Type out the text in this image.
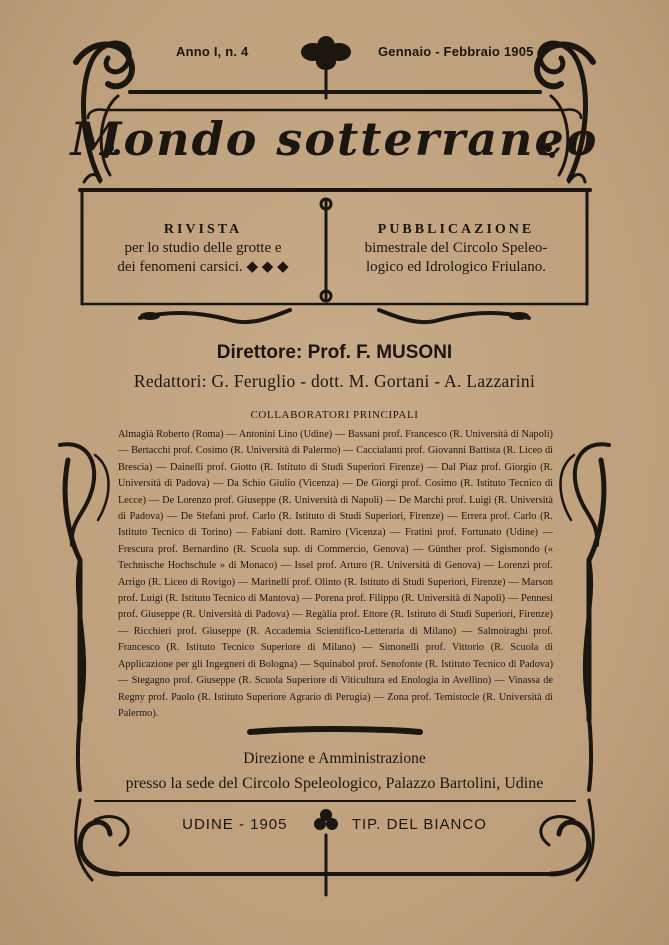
Anno I, n. 4	Gennaio - Febbraio 1905
Mondo sotterraneo
RIVISTA
per lo studio delle grotte e
dei fenomeni carsici. ◆ ◆ ◆
PUBBLICAZIONE
bimestrale del Circolo Speleo-
logico ed Idrologico Friulano.
Direttore: Prof. F. MUSONI
Redattori: G. Feruglio - dott. M. Gortani - A. Lazzarini
COLLABORATORI PRINCIPALI

Almagià Roberto (Roma) — Antonini Lino (Udine) — Bassani prof. Francesco (R. Università di Napoli) — Bertacchi prof. Cosimo (R. Università di Palermo) — Caccialanti prof. Giovanni Battista (R. Liceo di Brescia) — Dainelli prof. Giotto (R. Istituto di Studi Superiori Firenze) — Dal Piaz prof. Giorgio (R. Università di Padova) — Da Schio Giulio (Vicenza) — De Giorgi prof. Cosimo (R. Istituto Tecnico di Lecce) — De Lorenzo prof. Giuseppe (R. Università di Napoli) — De Marchi prof. Luigi (R. Università di Padova) — De Stefani prof. Carlo (R. Istituto di Studi Superiori, Firenze) — Errera prof. Carlo (R. Istituto Tecnico di Torino) — Fabiani dott. Ramiro (Vicenza) — Fratini prof. Fortunato (Udine) — Frescura prof. Bernardino (R. Scuola sup. di Commercio, Genova) — Günther prof. Sigismondo (« Technische Hochschule » di Monaco) — Issel prof. Arturo (R. Università di Genova) — Lorenzi prof. Arrigo (R. Liceo di Rovigo) — Marinelli prof. Olinto (R. Istituto di Studi Superiori, Firenze) — Marson prof. Luigi (R. Istituto Tecnico di Mantova) — Porena prof. Filippo (R. Università di Napoli) — Pennesi prof. Giuseppe (R. Università di Padova) — Regàlia prof. Ettore (R. Istituto di Studi Superiori, Firenze) — Ricchieri prof. Giuseppe (R. Accademia Scientifico-Letteraria di Milano) — Salmoiraghi prof. Francesco (R. Istituto Tecnico Superiore di Milano) — Simonelli prof. Vittorio (R. Scuola di Applicazione per gli Ingegneri di Bologna) — Squinabol prof. Senofonte (R. Istituto Tecnico di Padova) — Stegagno prof. Giuseppe (R. Scuola Superiore di Viticultura ed Enologia in Avellino) — Vinassa de Regny prof. Paolo (R. Istituto Superiore Agrario di Perugia) — Zona prof. Temistocle (R. Università di Palermo).

Direzione e Amministrazione
presso la sede del Circolo Speleologico, Palazzo Bartolini, Udine
UDINE - 1905	TIP. DEL BIANCO
